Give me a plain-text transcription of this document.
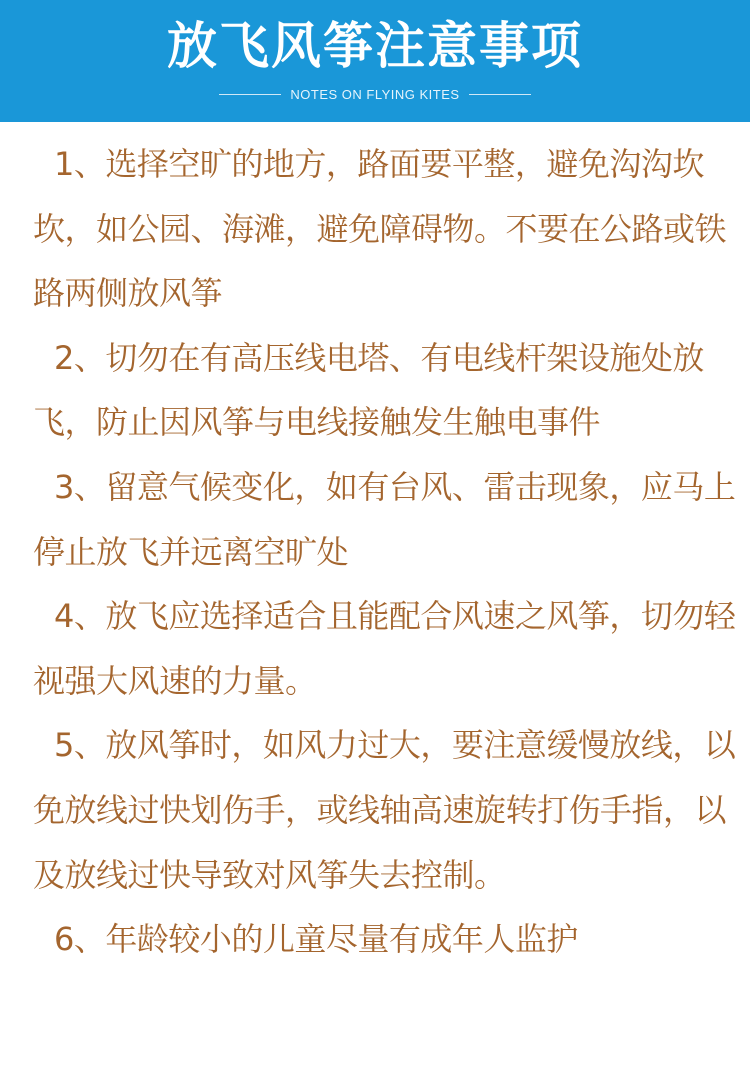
放飞风筝注意事项
NOTES ON FLYING KITES

1、选择空旷的地方，路面要平整，避免沟沟坎坎，如公园、海滩，避免障碍物。不要在公路或铁路两侧放风筝

2、切勿在有高压线电塔、有电线杆架设施处放飞，防止因风筝与电线接触发生触电事件

3、留意气候变化，如有台风、雷击现象，应马上停止放飞并远离空旷处

4、放飞应选择适合且能配合风速之风筝，切勿轻视强大风速的力量。

5、放风筝时，如风力过大，要注意缓慢放线，以免放线过快划伤手，或线轴高速旋转打伤手指，以及放线过快导致对风筝失去控制。

6、年龄较小的儿童尽量有成年人监护
